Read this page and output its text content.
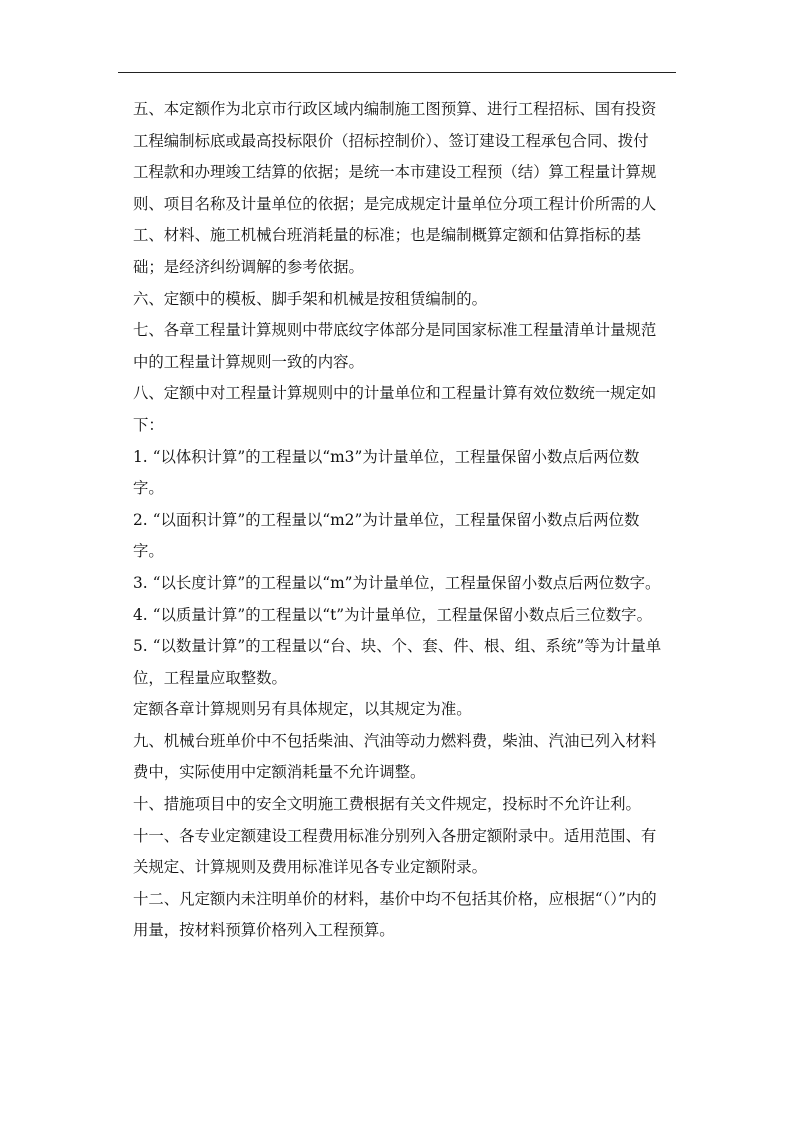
五、本定额作为北京市行政区域内编制施工图预算、进行工程招标、国有投资工程编制标底或最高投标限价（招标控制价）、签订建设工程承包合同、拨付工程款和办理竣工结算的依据；是统一本市建设工程预（结）算工程量计算规则、项目名称及计量单位的依据；是完成规定计量单位分项工程计价所需的人工、材料、施工机械台班消耗量的标准；也是编制概算定额和估算指标的基础；是经济纠纷调解的参考依据。

六、定额中的模板、脚手架和机械是按租赁编制的。

七、各章工程量计算规则中带底纹字体部分是同国家标准工程量清单计量规范中的工程量计算规则一致的内容。

八、定额中对工程量计算规则中的计量单位和工程量计算有效位数统一规定如下：

1. “以体积计算”的工程量以“m3”为计量单位，工程量保留小数点后两位数字。

2. “以面积计算”的工程量以“m2”为计量单位，工程量保留小数点后两位数字。

3. “以长度计算”的工程量以“m”为计量单位，工程量保留小数点后两位数字。

4. “以质量计算”的工程量以“t”为计量单位，工程量保留小数点后三位数字。

5. “以数量计算”的工程量以“台、块、个、套、件、根、组、系统”等为计量单位，工程量应取整数。

定额各章计算规则另有具体规定，以其规定为准。

九、机械台班单价中不包括柴油、汽油等动力燃料费，柴油、汽油已列入材料费中，实际使用中定额消耗量不允许调整。

十、措施项目中的安全文明施工费根据有关文件规定，投标时不允许让利。

十一、各专业定额建设工程费用标准分别列入各册定额附录中。适用范围、有关规定、计算规则及费用标准详见各专业定额附录。

十二、凡定额内未注明单价的材料，基价中均不包括其价格，应根据“（）”内的用量，按材料预算价格列入工程预算。
